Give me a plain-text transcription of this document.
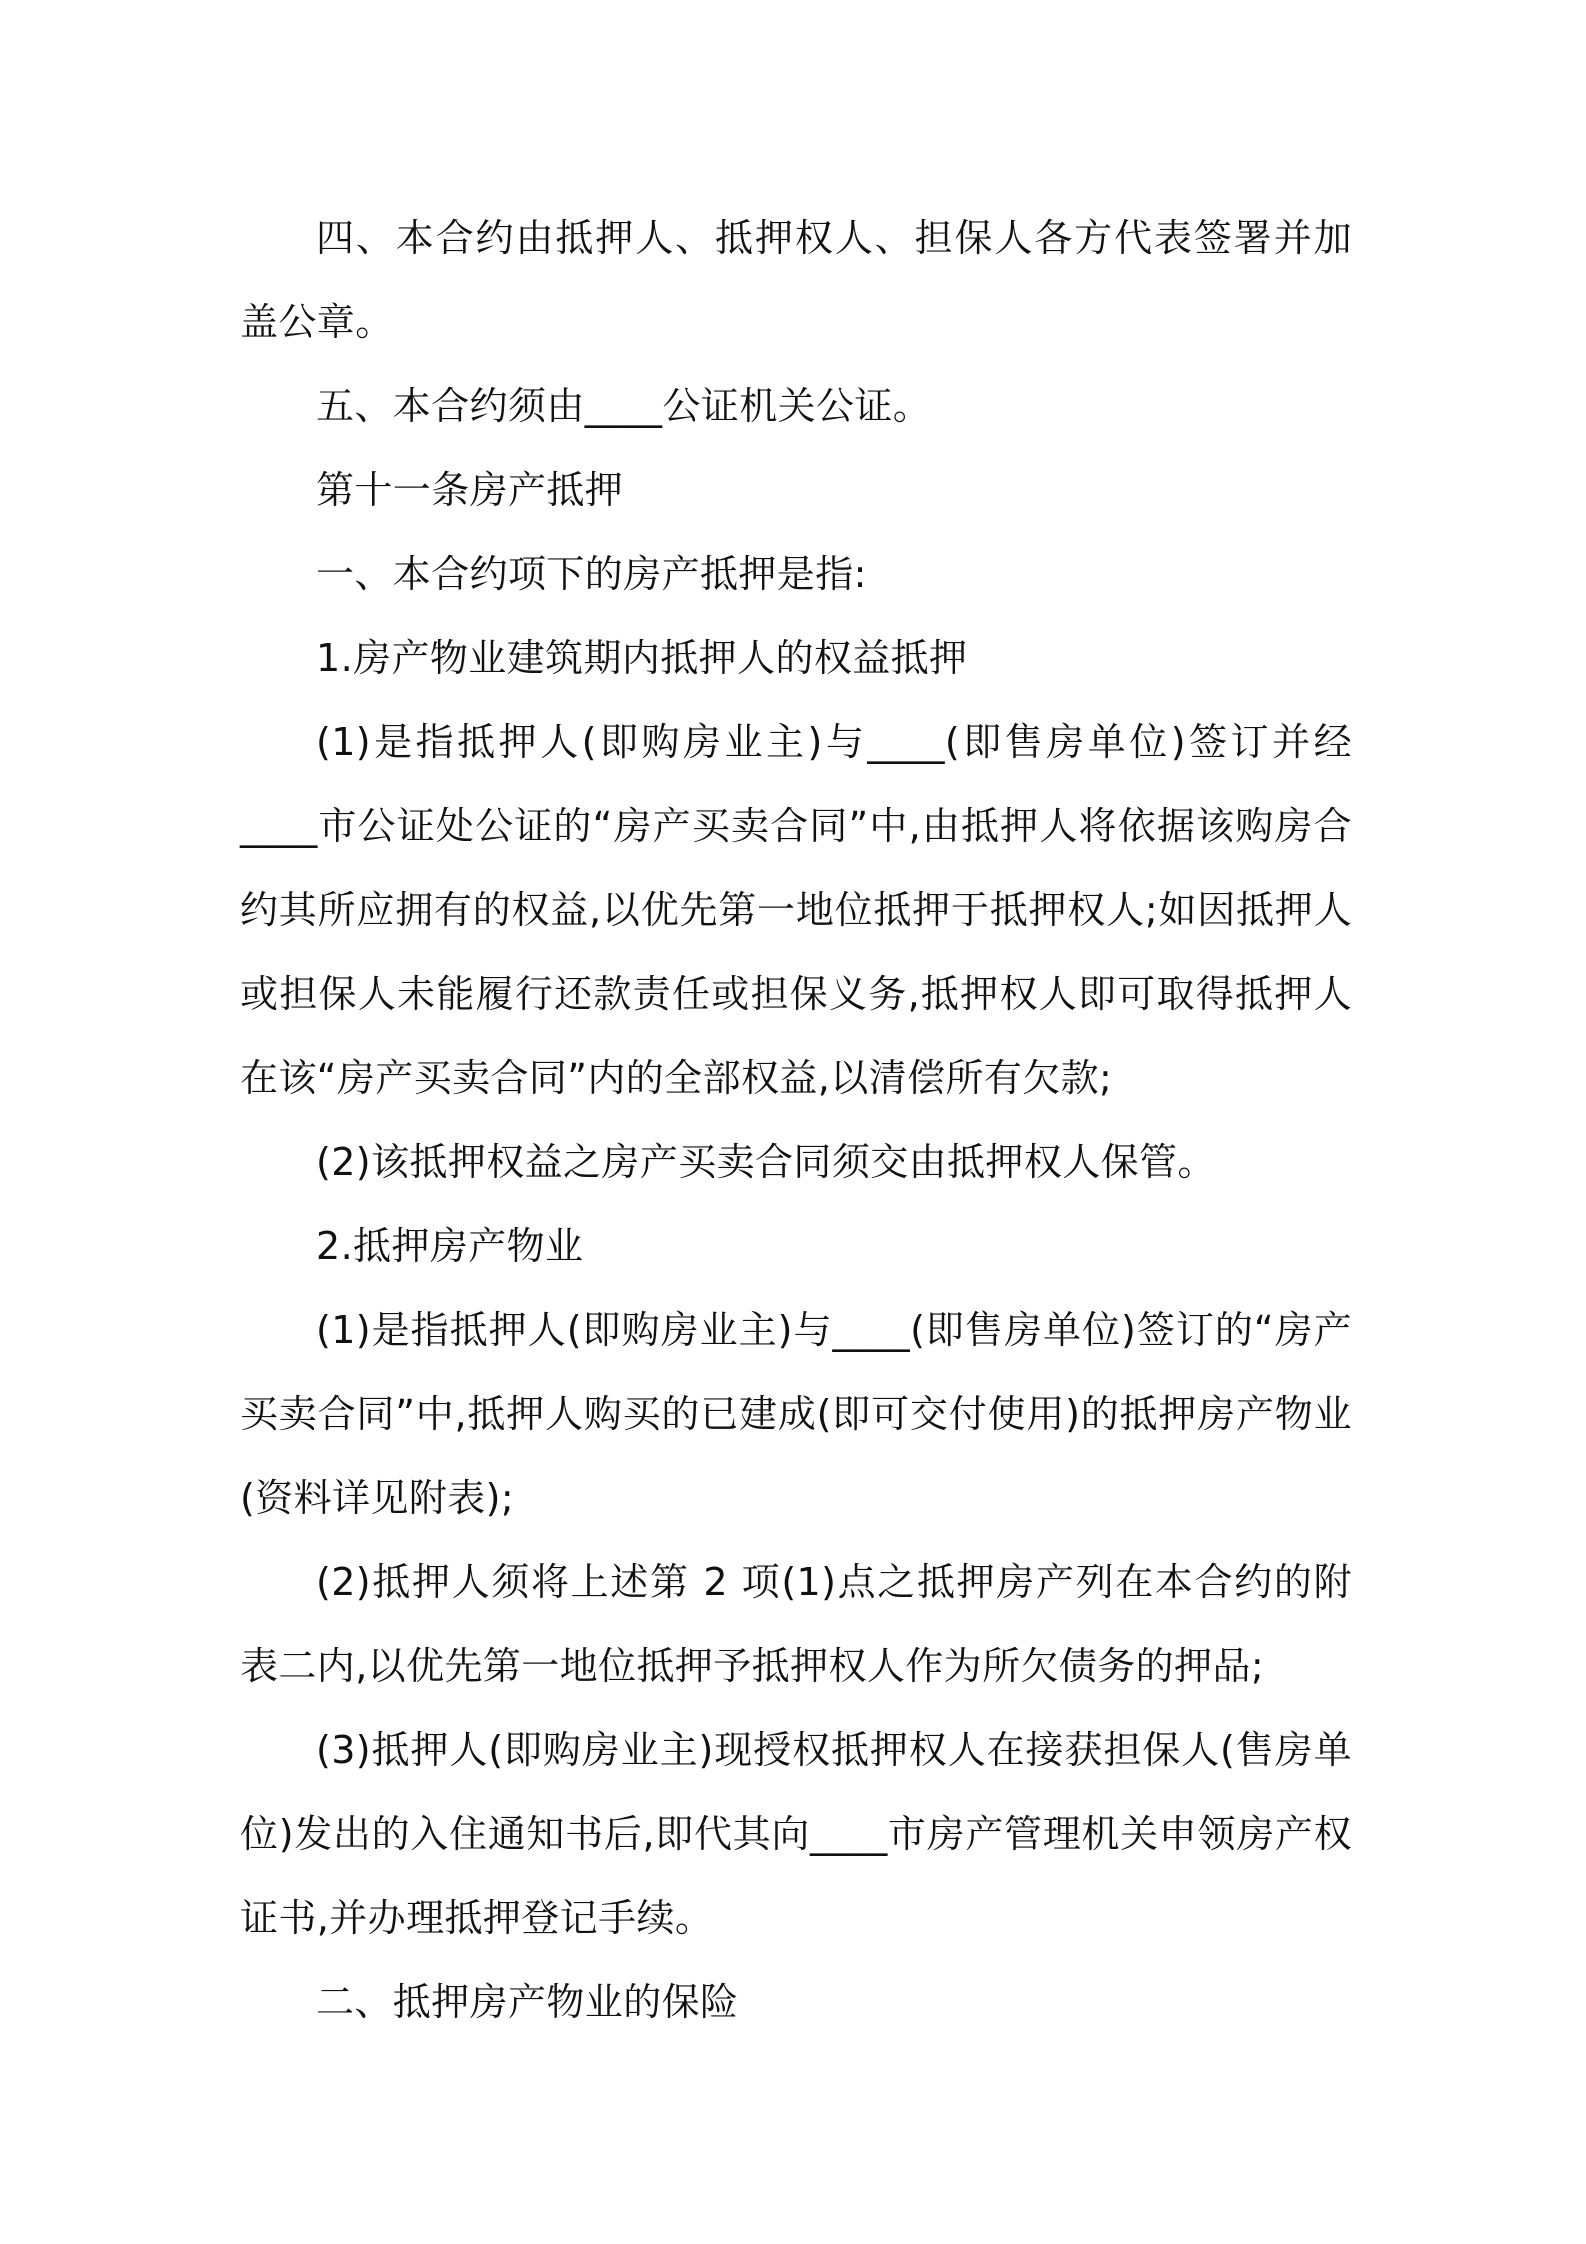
四、本合约由抵押人、抵押权人、担保人各方代表签署并加盖公章。

五、本合约须由____公证机关公证。

第十一条房产抵押

一、本合约项下的房产抵押是指:

1.房产物业建筑期内抵押人的权益抵押

(1)是指抵押人(即购房业主)与____(即售房单位)签订并经____市公证处公证的“房产买卖合同”中,由抵押人将依据该购房合约其所应拥有的权益,以优先第一地位抵押于抵押权人;如因抵押人或担保人未能履行还款责任或担保义务,抵押权人即可取得抵押人在该“房产买卖合同”内的全部权益,以清偿所有欠款;

(2)该抵押权益之房产买卖合同须交由抵押权人保管。

2.抵押房产物业

(1)是指抵押人(即购房业主)与____(即售房单位)签订的“房产买卖合同”中,抵押人购买的已建成(即可交付使用)的抵押房产物业(资料详见附表);

(2)抵押人须将上述第 2 项(1)点之抵押房产列在本合约的附表二内,以优先第一地位抵押予抵押权人作为所欠债务的押品;

(3)抵押人(即购房业主)现授权抵押权人在接获担保人(售房单位)发出的入住通知书后,即代其向____市房产管理机关申领房产权证书,并办理抵押登记手续。

二、抵押房产物业的保险
